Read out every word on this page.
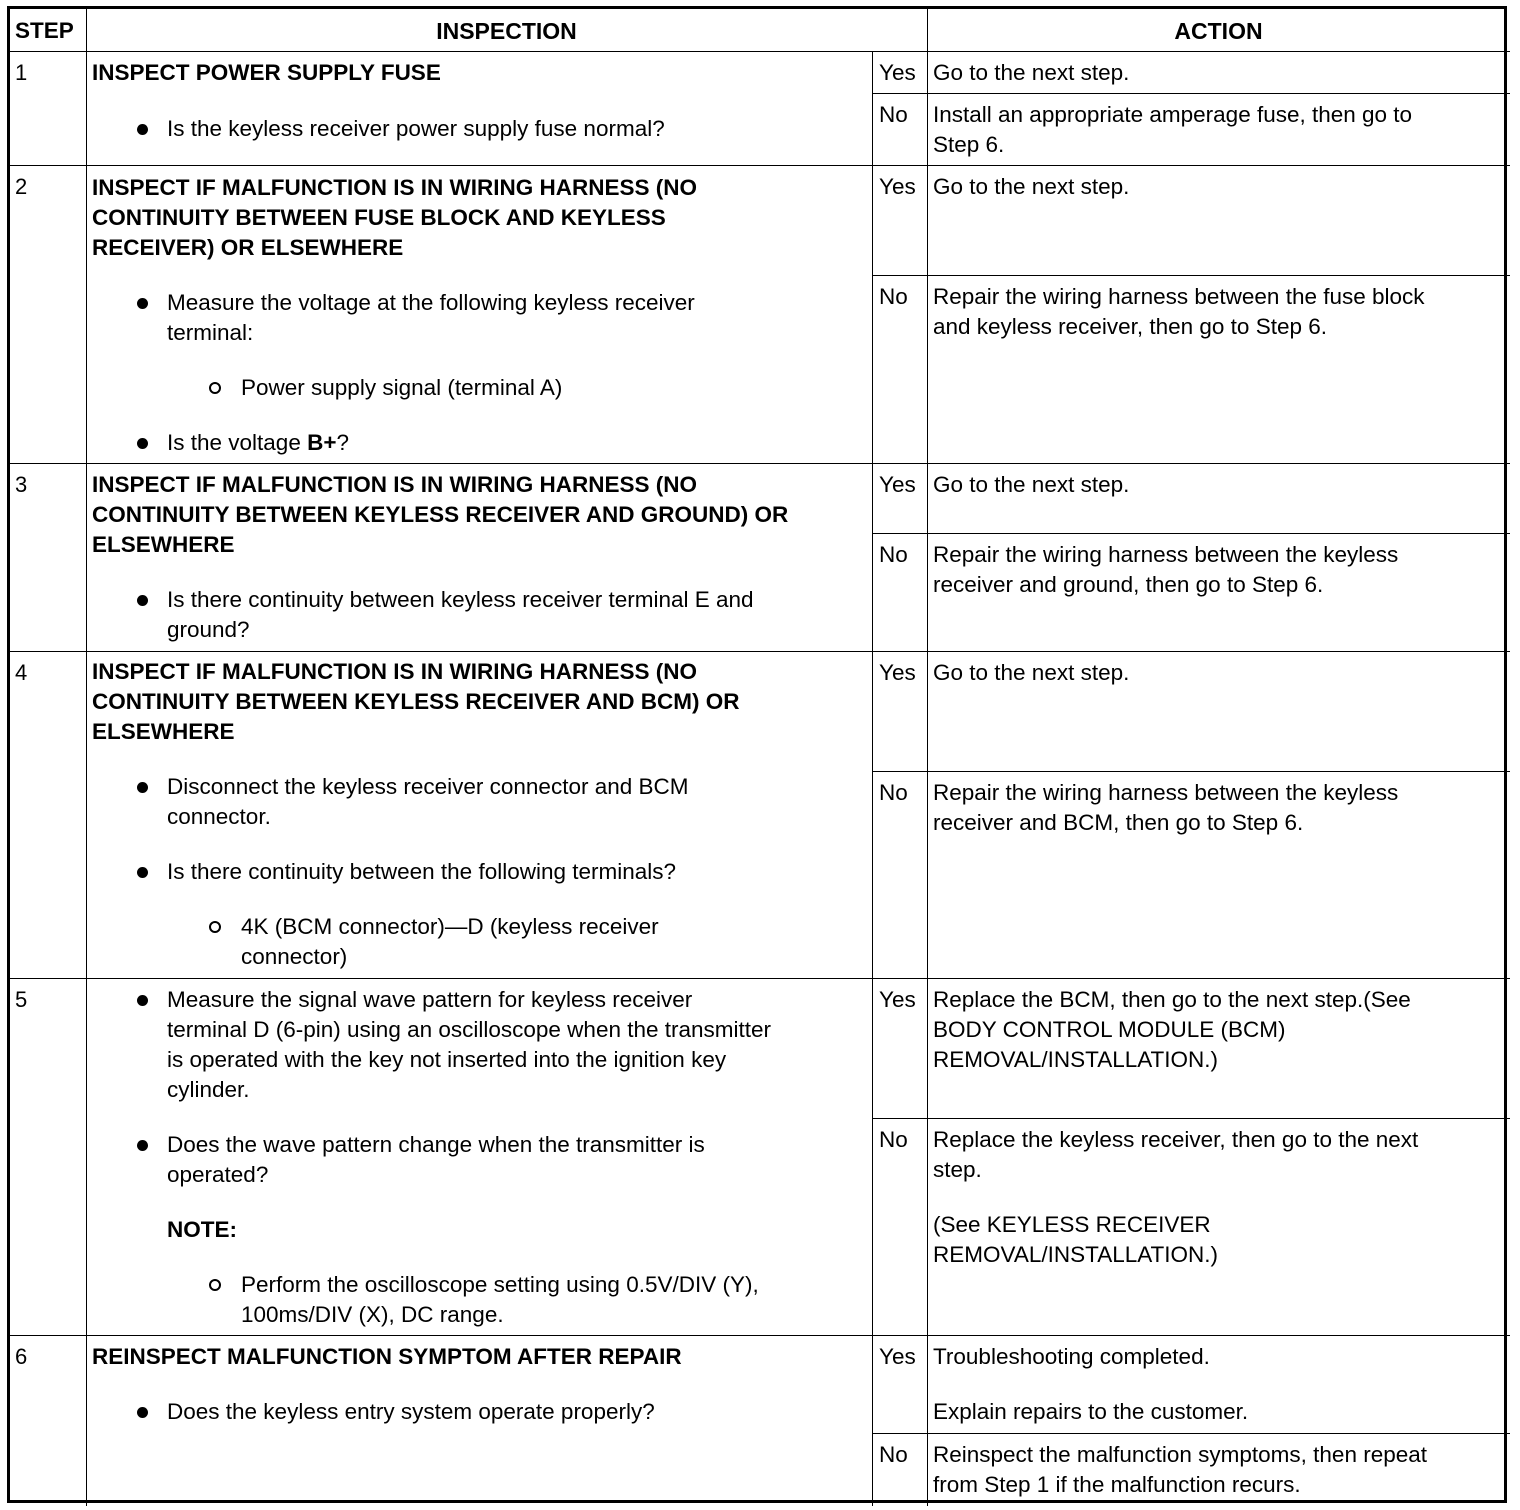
STEP	INSPECTION	ACTION
1	INSPECT POWER SUPPLY FUSE
Is the keyless receiver power supply fuse normal?
Yes Go to the next step.
No Install an appropriate amperage fuse, then go to
Step 6.
2	INSPECT IF MALFUNCTION IS IN WIRING HARNESS (NO
CONTINUITY BETWEEN FUSE BLOCK AND KEYLESS
RECEIVER) OR ELSEWHERE
Measure the voltage at the following keyless receiver
terminal:
Power supply signal (terminal A)
Is the voltage B+?
Yes Go to the next step.
No Repair the wiring harness between the fuse block
and keyless receiver, then go to Step 6.
3	INSPECT IF MALFUNCTION IS IN WIRING HARNESS (NO
CONTINUITY BETWEEN KEYLESS RECEIVER AND GROUND) OR
ELSEWHERE
Is there continuity between keyless receiver terminal E and
ground?
Yes Go to the next step.
No Repair the wiring harness between the keyless
receiver and ground, then go to Step 6.
4	INSPECT IF MALFUNCTION IS IN WIRING HARNESS (NO
CONTINUITY BETWEEN KEYLESS RECEIVER AND BCM) OR
ELSEWHERE
Disconnect the keyless receiver connector and BCM
connector.
Is there continuity between the following terminals?
4K (BCM connector)—D (keyless receiver
connector)
Yes Go to the next step.
No Repair the wiring harness between the keyless
receiver and BCM, then go to Step 6.
5	Measure the signal wave pattern for keyless receiver
terminal D (6-pin) using an oscilloscope when the transmitter
is operated with the key not inserted into the ignition key
cylinder.
Does the wave pattern change when the transmitter is
operated?
NOTE:
Perform the oscilloscope setting using 0.5V/DIV (Y),
100ms/DIV (X), DC range.
Yes Replace the BCM, then go to the next step.(See
BODY CONTROL MODULE (BCM)
REMOVAL/INSTALLATION.)
No Replace the keyless receiver, then go to the next
step.
(See KEYLESS RECEIVER
REMOVAL/INSTALLATION.)
6	REINSPECT MALFUNCTION SYMPTOM AFTER REPAIR
Does the keyless entry system operate properly?
Yes Troubleshooting completed.
Explain repairs to the customer.
No Reinspect the malfunction symptoms, then repeat
from Step 1 if the malfunction recurs.
